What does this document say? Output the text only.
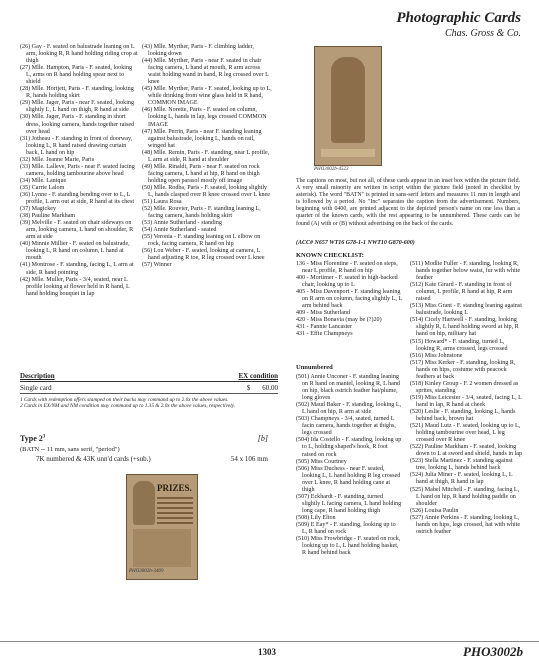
Photographic Cards
Chas. Gross & Co.
(26) Gay - F. seated on balustrade leaning on L arm, looking R, R hand holding riding crop at thigh
(27) Mlle. Hampton, Paris - F. seated, looking L, arms on R hand holding spear next to shield
(28) Mlle. Hortjett, Paris - F. standing, looking R, hands holding skirt
(29) Mlle. Jager, Paris - near F. seated, looking slightly L, L hand on thigh, R hand at side
(30) Mlle. Jager, Paris - F. standing in short dress, looking camera, hands together raised over head
(31) Jotheau - F. standing in front of doorway, looking L, R hand raised drawing curtain back, L hand on hip
(32) Mlle. Jeanne Marie, Paris
(33) Mlle. Lalleve, Paris - near F. seated facing camera, holding tambourine above head
(34) Mlle. Lanique
(35) Carrie Lalom
(36) Lynne - F. standing bending over to L, L profile, L arm out at side, R hand at its chest
(37) Magickey
(38) Pauline Markham
(39) Melville - F. seated on chair sideways on arm, looking camera, L hand on shoulder, R arm at side
(40) Minnie Millier - F. seated on balustrade, looking L, R hand on column, L hand at mouth
(41) Montrose - F. standing, facing L, L arm at side, R hand pointing
(42) Mlle. Muller, Paris - 3/4, seated, near L profile looking at flower held in R hand, L hand holding bouquet in lap
(43) Mlle. Myrther, Paris - F. climbing ladder, looking down
(44) Mlle. Myrther, Paris - near F. seated in chair facing camera, L hand at mouth, R arm across waist holding wand in hand, R leg crossed over L knee
(45) Mlle. Myrther, Paris - F. seated, looking up to L, while drinking from wine glass held in R hand, COMMON IMAGE
(46) Mlle. Norette, Paris - F. seated on column, looking L, hands in lap, legs crossed COMMON IMAGE
(47) Mlle. Perrin, Paris - near F. standing leaning against balustrade, looking L, hands on rail, winged hat
(48) Mlle. Remin, Paris - F. standing, near L profile, L arm at side, R hand at shoulder
(49) Mlle. Rinaldi, Paris - near F. seated on rock facing camera, L hand at hip, R hand on thigh holding open parasol mostly off image
(50) Mlle. Rodba, Paris - F. seated, looking slightly L, hands clasped over R knee crossed over L knee
(51) Laura Rosa
(52) Mlle. Rouvier, Paris - F. standing leaning L, facing camera, hands holding skirt
(53) Annie Sutherland - standing
(54) Annie Sutherland - seated
(55) Veronia - F. standing leaning on L elbow on rock, facing camera, R hand on hip
(56) Lou Weber - F. seated, looking at camera, L hand adjusting R toe, R leg crossed over L knee
(57) Winner
Description	EX condition
Single card	$ 60.00
1 Cards with redemption offers stamped on their backs may command up to 2.0x the above values.
2 Cards in EX/NM and NM condition may command up to 1.35 & 2.0x the above values, respectively.
Type $2^3$	[b]
(BATN -- 11 mm, sans serif, "period")
7K numbered & 43K unn'd cards (+sub.)	54 x 106 mm
PRIZES.
PHO3002b-3409
PHO3002b-4523
The captions on most, but not all, of these cards appear in an inset box within the picture field. A very small minority are written in script within the picture field (noted in checklist by asterisk). The word "BATN" is printed in sans-serif letters and measures 11 mm in length and is followed by a period. No "Inc" separates the caption from the advertisement. Numbers, beginning with 0400, are printed adjacent to the depicted person's name on one less than a quarter of the known cards, with the rest appearing to be unnumbered. These cards can be found (A) with or (B) without advertising on the back of the cards.
(ACC# N657 WT16 G78-1-1 NWT10 G870-600)
KNOWN CHECKLIST:
136 - Miss Florentine - F. seated on steps, near L profile, R hand on hip
400 - Mortimer - F. seated in high-backed chair, looking up to L
405 - Miss Davenport - F. standing leaning on R arm on column, facing slightly L, L arm behind back
409 - Miss Sutherland
420 - Miss Bonavia (may be (?)20)
431 - Fannie Lancaster
431 - Effie Champneys
Unnumbered
(501) Annie Unconer - F. standing leaning on R hand on mantel, looking R, L hand on hip, black ostrich feather hat/plume, long gloves
(502) Maud Baker - F. standing, looking L, L hand on hip, R arm at side
(503) Champneys - 3/4, seated, turned L facin camera, hands together at thighs, legs crossed
(504) Ida Costello - F. standing, looking up to L, holding shaped's hook, R foot raised on rock
(505) Miss Courtney
(506) Miss Duchess - near F. seated, looking L, L hand holding R leg crossed over L knee, R hand holding cane at thigh
(507) Eckhardt - F. standing, turned slightly L facing camera, L hand holding long cape, R hand holding thigh
(508) Lily Elton
(509) E Eay* - F. standing, looking up to L, R hand on rock
(510) Miss Frowbridge - F. seated on rock, looking up to L, L hand holding basket, R hand behind back
(511) Modlie Fuller - F. standing, looking R, hands together below waist, fur with white feather
(512) Kate Girard - F. standing in front of column, L profile, R hand at hip, R arm raised
(513) Miss Grant - F. standing leaning against balustrade, looking L
(514) Cicely Hartwell - F. standing, looking slightly R, L hand holding sword at hip, R hand on hip, military hat
(515) Howard* - F. standing, turned L, looking R, arms crossed, legs crossed
(516) Miss Johnstone
(517) Miss Kerker - F. standing, looking R, hands on hips, costume with peacock feathers at back
(518) Kinley Group - F. 2 women dressed as sprites, standing
(519) Miss Leicester - 3/4, seated, facing L, L hand in lap, R hand at cheek
(520) Leslie - F. standing, looking L, hands behind back, brown hat
(521) Maud Lutz - F. seated, looking up to L, holding tambourine over head, L leg crossed over R knee
(522) Pauline Markham - F. seated, looking down to L at sword and shield, hands in lap
(523) Stella Martinez - F. standing against tree, looking L, hands behind back
(524) Julia Miner - F. seated, looking L, L hand at thigh, R hand in lap
(525) Mabel Mitchell - F. standing, facing L, L hand on hip, R hand holding paddle on shoulder
(526) Louisa Paulin
(527) Annie Perkins - F. standing, looking L, hands on hips, legs crossed, hat with white ostrich feather
1303	PHO3002b
